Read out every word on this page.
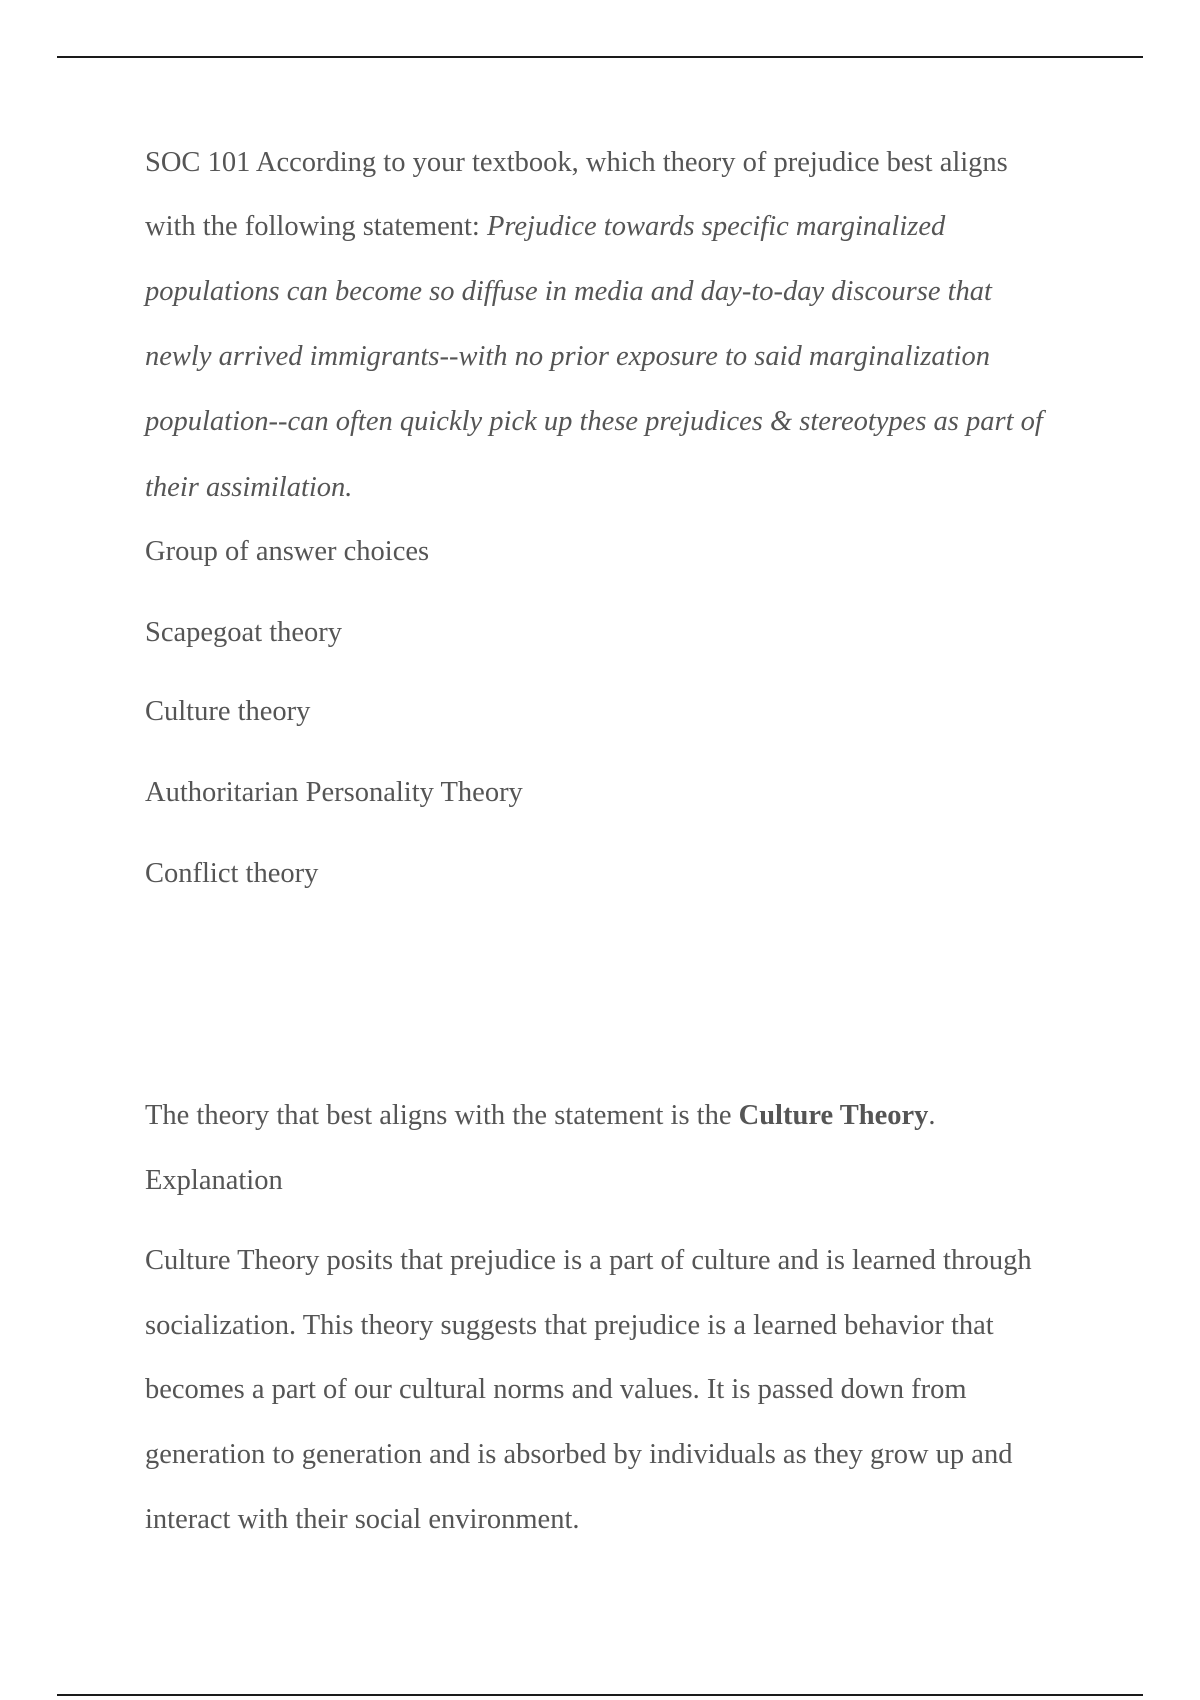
SOC 101 According to your textbook, which theory of prejudice best aligns
with the following statement: Prejudice towards specific marginalized
populations can become so diffuse in media and day-to-day discourse that
newly arrived immigrants--with no prior exposure to said marginalization
population--can often quickly pick up these prejudices & stereotypes as part of
their assimilation.
Group of answer choices
Scapegoat theory
Culture theory
Authoritarian Personality Theory
Conflict theory
The theory that best aligns with the statement is the Culture Theory.
Explanation
Culture Theory posits that prejudice is a part of culture and is learned through
socialization. This theory suggests that prejudice is a learned behavior that
becomes a part of our cultural norms and values. It is passed down from
generation to generation and is absorbed by individuals as they grow up and
interact with their social environment.
